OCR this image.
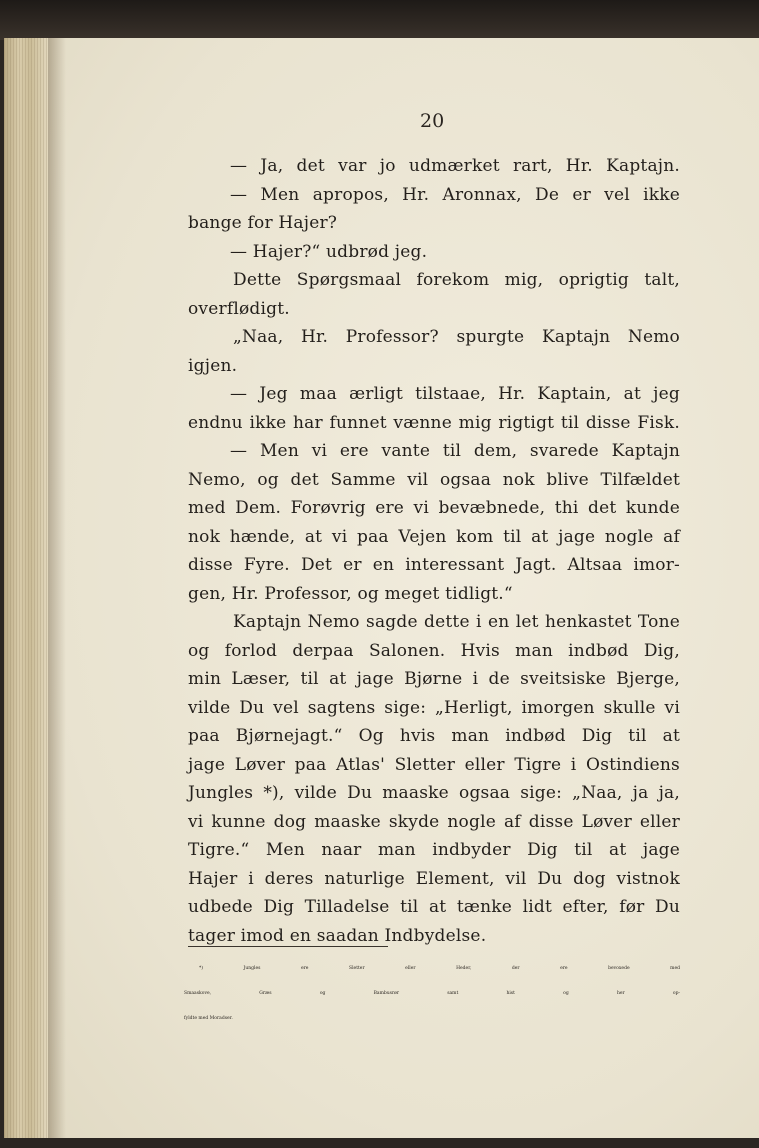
20
— Ja, det var jo udmærket rart, Hr. Kaptajn.
— Men apropos, Hr. Aronnax, De er vel ikke
bange for Hajer?
— Hajer?“ udbrød jeg.
Dette Spørgsmaal forekom mig, oprigtig talt,
overflødigt.
„Naa, Hr. Professor? spurgte Kaptajn Nemo
igjen.
— Jeg maa ærligt tilstaae, Hr. Kaptain, at jeg
endnu ikke har funnet vænne mig rigtigt til disse Fisk.
— Men vi ere vante til dem, svarede Kaptajn
Nemo, og det Samme vil ogsaa nok blive Tilfældet
med Dem. Forøvrig ere vi bevæbnede, thi det kunde
nok hænde, at vi paa Vejen kom til at jage nogle af
disse Fyre. Det er en interessant Jagt. Altsaa imor-
gen, Hr. Professor, og meget tidligt.“
Kaptajn Nemo sagde dette i en let henkastet Tone
og forlod derpaa Salonen. Hvis man indbød Dig,
min Læser, til at jage Bjørne i de sveitsiske Bjerge,
vilde Du vel sagtens sige: „Herligt, imorgen skulle vi
paa Bjørnejagt.“ Og hvis man indbød Dig til at
jage Løver paa Atlas' Sletter eller Tigre i Ostindiens
Jungles *), vilde Du maaske ogsaa sige: „Naa, ja ja,
vi kunne dog maaske skyde nogle af disse Løver eller
Tigre.“ Men naar man indbyder Dig til at jage
Hajer i deres naturlige Element, vil Du dog vistnok
udbede Dig Tilladelse til at tænke lidt efter, før Du
tager imod en saadan Indbydelse.
*) Jungles ere Sletter eller Heder, der ere bevoxede med
Smaaskove, Græs og Bambusrør samt hist og her op-
fyldte med Moradser.
